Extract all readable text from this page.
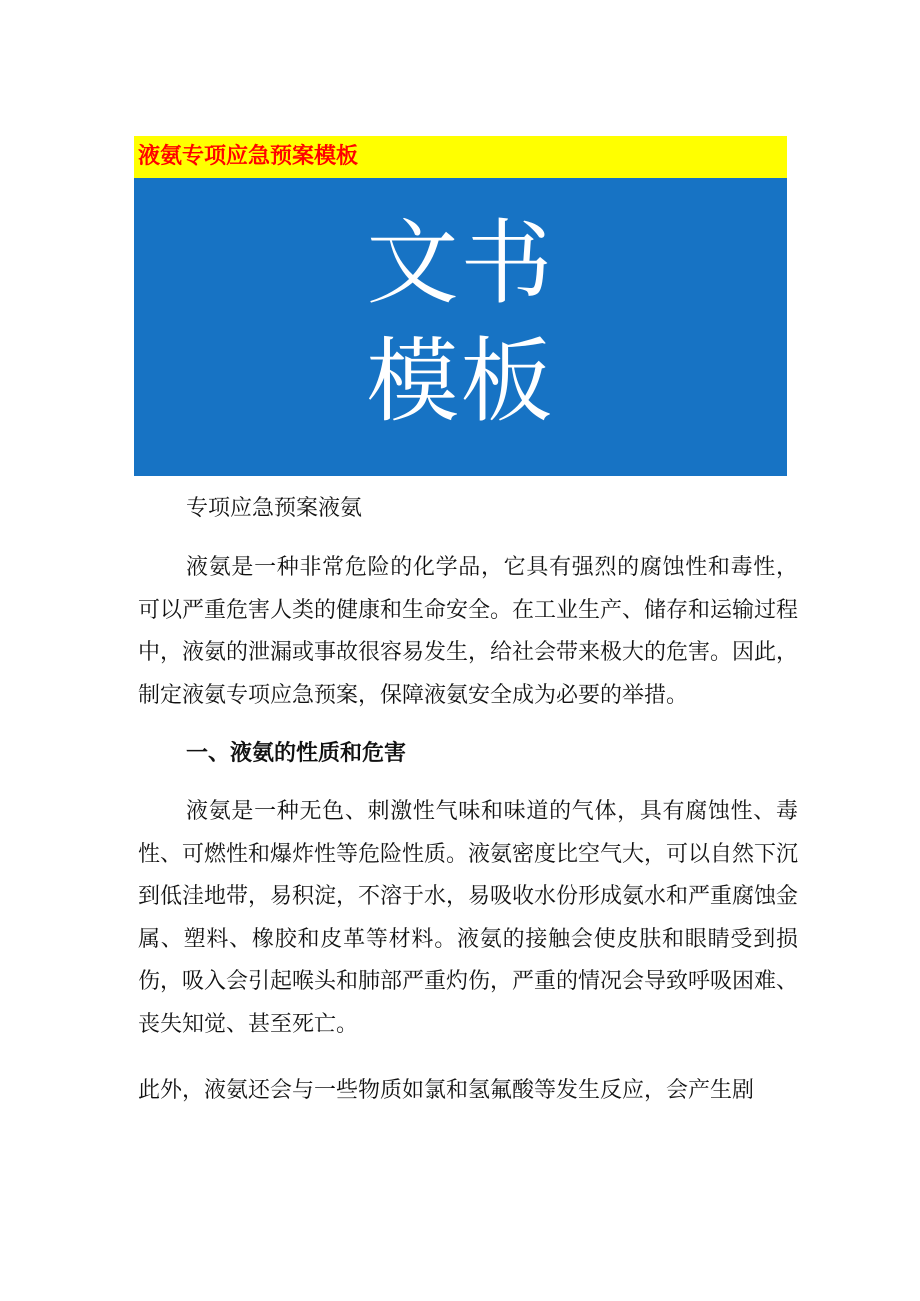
液氨专项应急预案模板
文书
模板

专项应急预案液氨

液氨是一种非常危险的化学品，它具有强烈的腐蚀性和毒性，可以严重危害人类的健康和生命安全。在工业生产、储存和运输过程中，液氨的泄漏或事故很容易发生，给社会带来极大的危害。因此，制定液氨专项应急预案，保障液氨安全成为必要的举措。

一、液氨的性质和危害

液氨是一种无色、刺激性气味和味道的气体，具有腐蚀性、毒性、可燃性和爆炸性等危险性质。液氨密度比空气大，可以自然下沉到低洼地带，易积淀，不溶于水，易吸收水份形成氨水和严重腐蚀金属、塑料、橡胶和皮革等材料。液氨的接触会使皮肤和眼睛受到损伤，吸入会引起喉头和肺部严重灼伤，严重的情况会导致呼吸困难、丧失知觉、甚至死亡。

此外，液氨还会与一些物质如氯和氢氟酸等发生反应，会产生剧
